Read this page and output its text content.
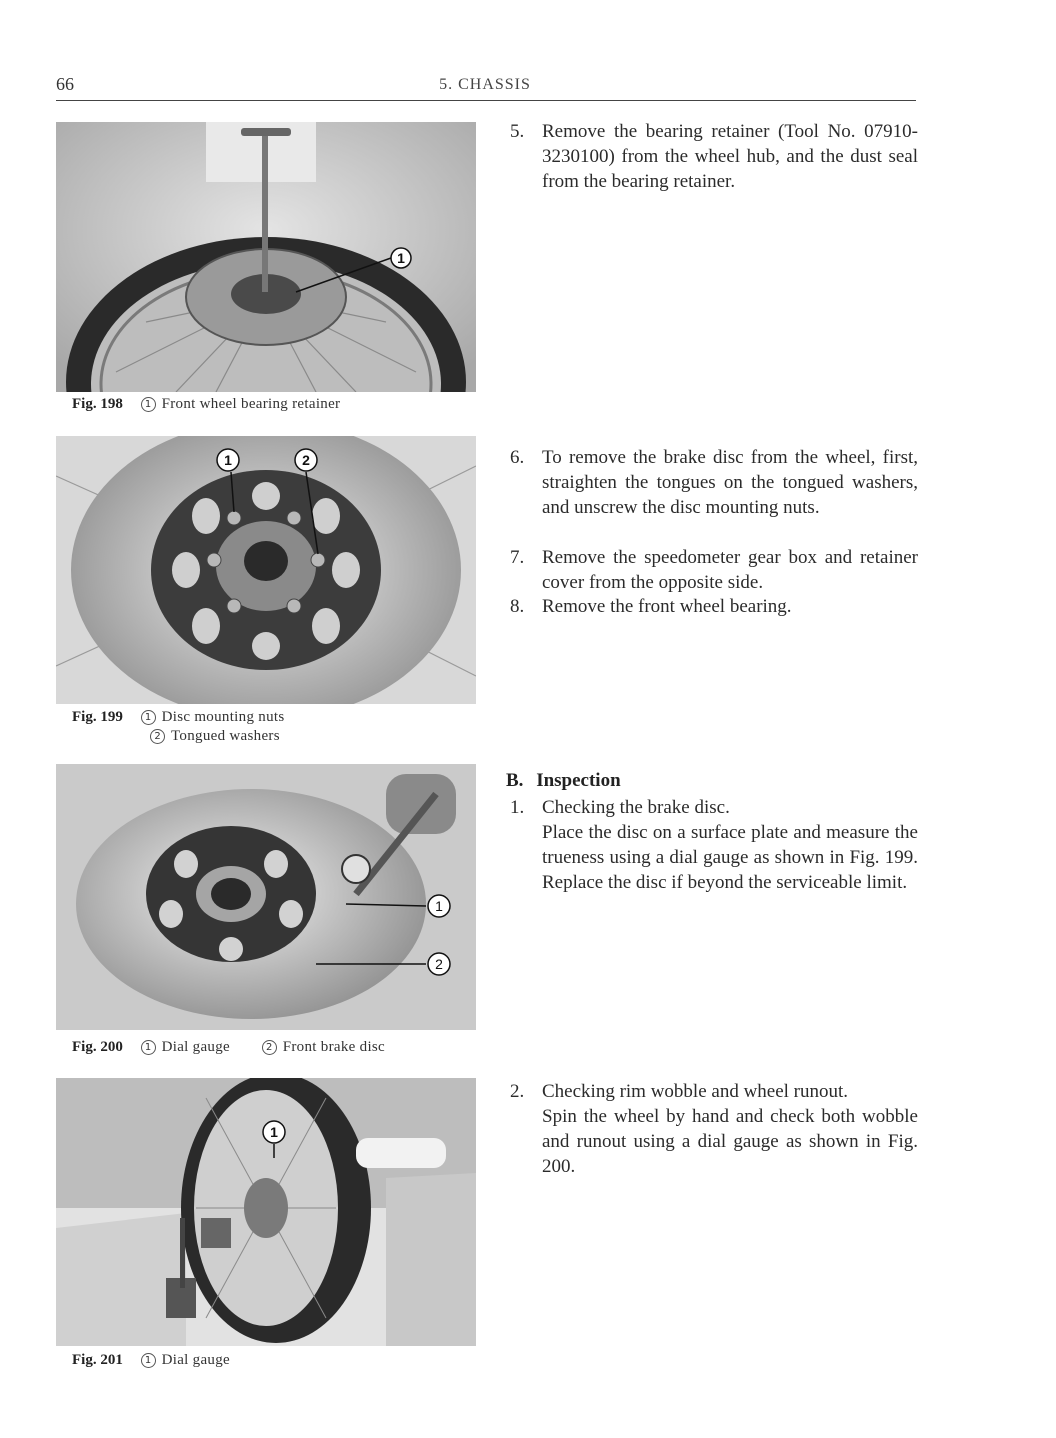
66	5. CHASSIS
1
Fig. 198 1 Front wheel bearing retainer
1	2
Fig. 199 1 Disc mounting nuts
2 Tongued washers
1
2
Fig. 200 1 Dial gauge	2 Front brake disc
1
Fig. 201 1 Dial gauge
5. Remove the bearing retainer (Tool No. 07910-3230100) from the wheel hub, and the dust seal from the bearing retainer.
6. To remove the brake disc from the wheel, first, straighten the tongues on the tongued washers, and unscrew the disc mounting nuts.
7. Remove the speedometer gear box and retainer cover from the opposite side.
8. Remove the front wheel bearing.
B. Inspection
1. Checking the brake disc.
Place the disc on a surface plate and measure the trueness using a dial gauge as shown in Fig. 199. Replace the disc if beyond the serviceable limit.
2. Checking rim wobble and wheel runout.
Spin the wheel by hand and check both wobble and runout using a dial gauge as shown in Fig. 200.
